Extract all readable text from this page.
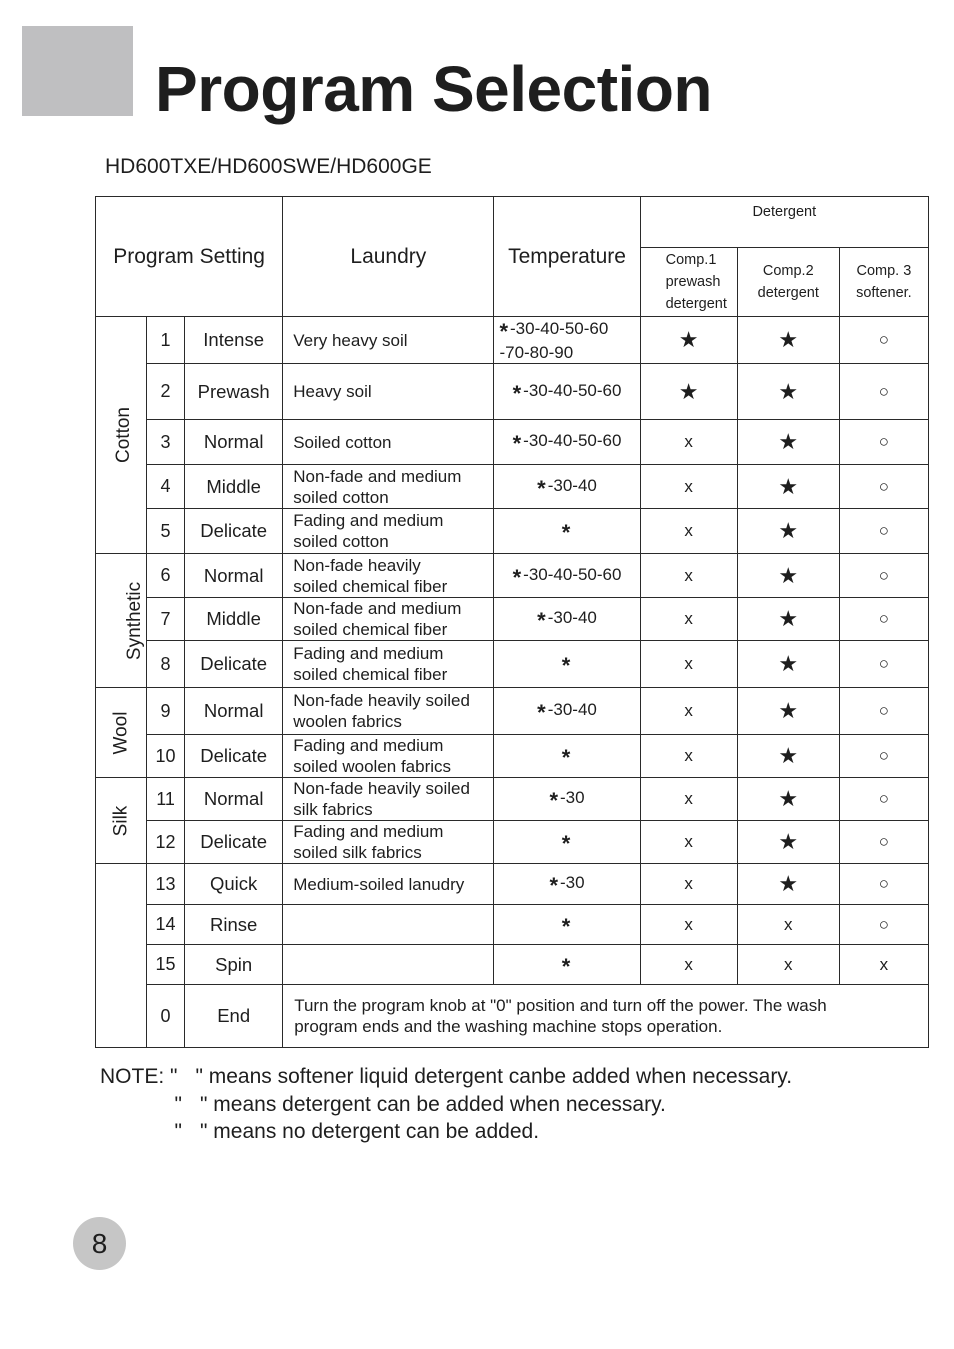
Program Selection
HD600TXE/HD600SWE/HD600GE
Program Setting			Laundry	Temperature	Detergent		

					Comp.1
prewash
detergent	Comp.2
detergent	Comp. 3
softener.

Cotton	1	Intense	Very heavy soil	* -30-40-50-60
-70-80-90	★	★	○
	2	Prewash	Heavy soil	* -30-40-50-60	★	★	○
	3	Normal	Soiled cotton	* -30-40-50-60	x	★	○
	4	Middle	Non-fade and medium
soiled cotton	* -30-40	x	★	○
	5	Delicate	Fading and medium
soiled cotton	*	x	★	○
Synthetic	6	Normal	Non-fade heavily
soiled chemical fiber	* -30-40-50-60	x	★	○
	7	Middle	Non-fade and medium
soiled chemical fiber	* -30-40	x	★	○
	8	Delicate	Fading and medium
soiled chemical fiber	*	x	★	○
Wool	9	Normal	Non-fade heavily soiled
woolen fabrics	* -30-40	x	★	○
	10	Delicate	Fading and medium
soiled woolen fabrics	*	x	★	○
Silk	11	Normal	Non-fade heavily soiled
silk fabrics	* -30	x	★	○
	12	Delicate	Fading and medium
soiled silk fabrics	*	x	★	○
	13	Quick	Medium-soiled lanudry	* -30	x	★	○
	14	Rinse		*	x	x	○
	15	Spin		*	x	x	x
	0	End	Turn the program knob at "0" position and turn off the power. The wash
program ends and the washing machine stops operation.				
NOTE: " " means softener liquid detergent canbe added when necessary.
" " means detergent can be added when necessary.
" " means no detergent can be added.
8
